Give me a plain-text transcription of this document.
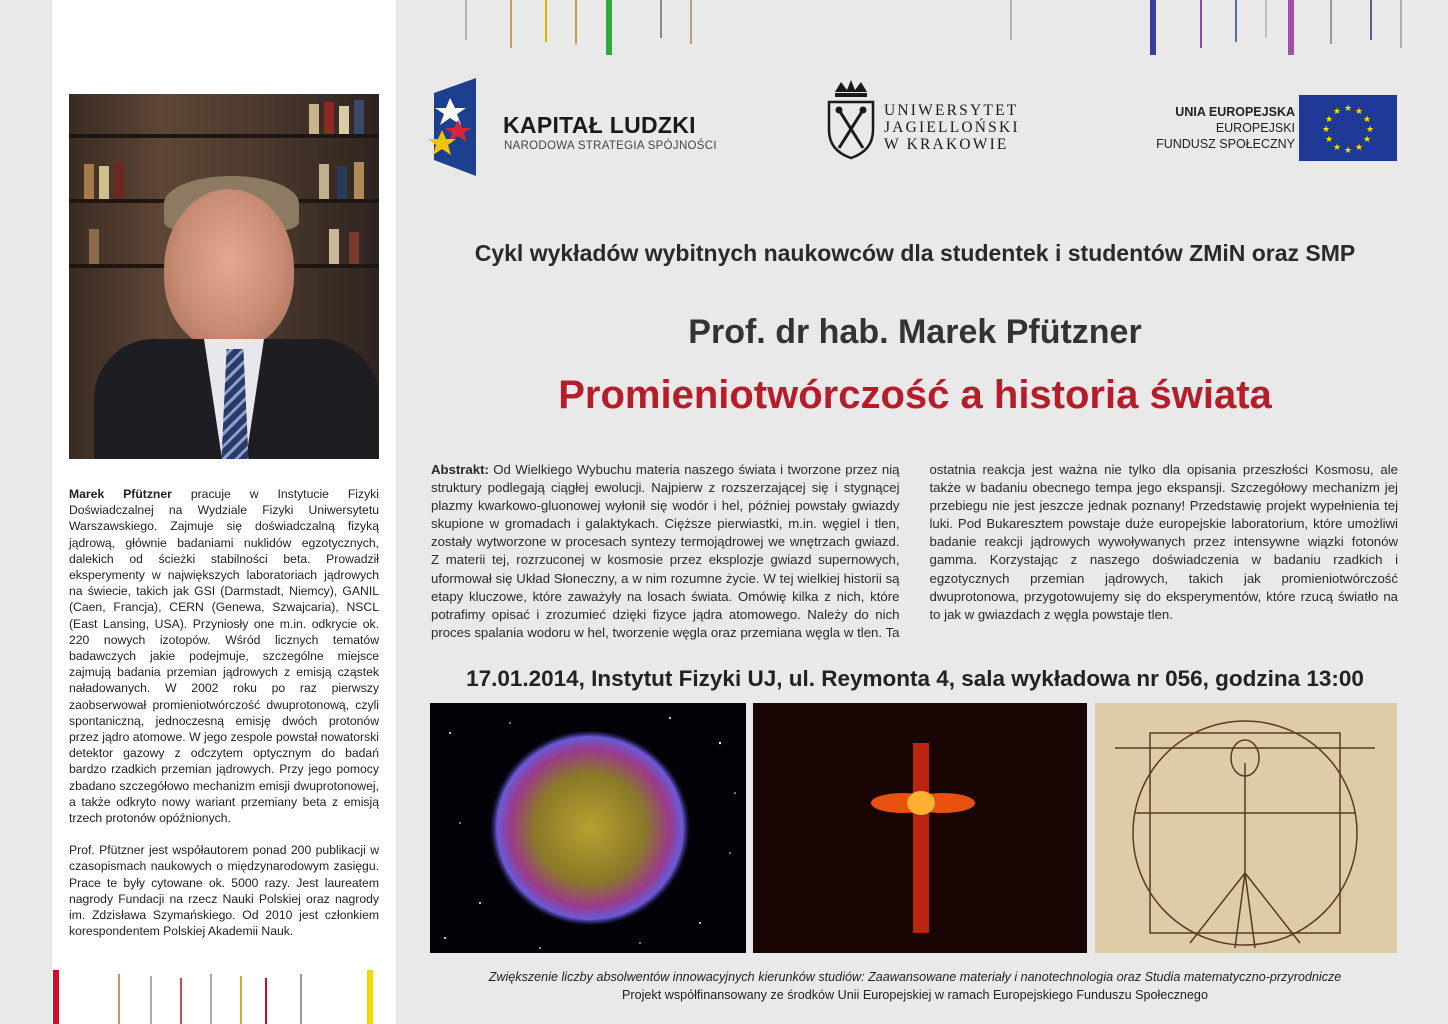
Marek Pfützner pracuje w Instytucie Fizyki Doświadczalnej na Wydziale Fizyki Uniwersytetu Warszawskiego. Zajmuje się doświadczalną fizyką jądrową, głównie badaniami nuklidów egzotycznych, dalekich od ścieżki stabilności beta. Prowadził eksperymenty w największych laboratoriach jądrowych na świecie, takich jak GSI (Darmstadt, Niemcy), GANIL (Caen, Francja), CERN (Genewa, Szwajcaria), NSCL (East Lansing, USA). Przyniosły one m.in. odkrycie ok. 220 nowych izotopów. Wśród licznych tematów badawczych jakie podejmuje, szczególne miejsce zajmują badania przemian jądrowych z emisją cząstek naładowanych. W 2002 roku po raz pierwszy zaobserwował promieniotwórczość dwuprotonową, czyli spontaniczną, jednoczesną emisję dwóch protonów przez jądro atomowe. W jego zespole powstał nowatorski detektor gazowy z odczytem optycznym do badań bardzo rzadkich przemian jądrowych. Przy jego pomocy zbadano szczegółowo mechanizm emisji dwuprotonowej, a także odkryto nowy wariant przemiany beta z emisją trzech protonów opóźnionych.

Prof. Pfützner jest współautorem ponad 200 publikacji w czasopismach naukowych o międzynarodowym zasięgu. Prace te były cytowane ok. 5000 razy. Jest laureatem nagrody Fundacji na rzecz Nauki Polskiej oraz nagrody im. Zdzisława Szymańskiego. Od 2010 jest członkiem korespondentem Polskiej Akademii Nauk.

KAPITAŁ LUDZKI
NARODOWA STRATEGIA SPÓJNOŚCI
UNIWERSYTET
JAGIELLOŃSKI
W KRAKOWIE
UNIA EUROPEJSKA
EUROPEJSKI
FUNDUSZ SPOŁECZNY
★ ★
★
★
★
★
★
★
★
★
★
★
Cykl wykładów wybitnych naukowców dla studentek i studentów ZMiN oraz SMP
Prof. dr hab. Marek Pfützner
Promieniotwórczość a historia świata
Abstrakt: Od Wielkiego Wybuchu materia naszego świata i tworzone przez nią struktury podlegają ciągłej ewolucji. Najpierw z rozszerzającej się i stygnącej plazmy kwarkowo-gluonowej wyłonił się wodór i hel, później powstały gwiazdy skupione w gromadach i galaktykach. Cięższe pierwiastki, m.in. węgiel i tlen, zostały wytworzone w procesach syntezy termojądrowej we wnętrzach gwiazd. Z materii tej, rozrzuconej w kosmosie przez eksplozje gwiazd supernowych, uformował się Układ Słoneczny, a w nim rozumne życie. W tej wielkiej historii są etapy kluczowe, które zaważyły na losach świata. Omówię kilka z nich, które potrafimy opisać i zrozumieć dzięki fizyce jądra atomowego. Należy do nich proces spalania wodoru w hel, tworzenie węgla oraz przemiana węgla w tlen. Ta ostatnia reakcja jest ważna nie tylko dla opisania przeszłości Kosmosu, ale także w badaniu obecnego tempa jego ekspansji. Szczegółowy mechanizm jej przebiegu nie jest jeszcze jednak poznany! Przedstawię projekt wypełnienia tej luki. Pod Bukaresztem powstaje duże europejskie laboratorium, które umożliwi badanie reakcji jądrowych wywoływanych przez intensywne wiązki fotonów gamma. Korzystając z naszego doświadczenia w badaniu rzadkich i egzotycznych przemian jądrowych, takich jak promieniotwórczość dwuprotonowa, przygotowujemy się do eksperymentów, które rzucą światło na to jak w gwiazdach z węgla powstaje tlen.
17.01.2014, Instytut Fizyki UJ, ul. Reymonta 4, sala wykładowa nr 056, godzina 13:00
Zwiększenie liczby absolwentów innowacyjnych kierunków studiów: Zaawansowane materiały i nanotechnologia oraz Studia matematyczno-przyrodnicze
Projekt współfinansowany ze środków Unii Europejskiej w ramach Europejskiego Funduszu Społecznego
